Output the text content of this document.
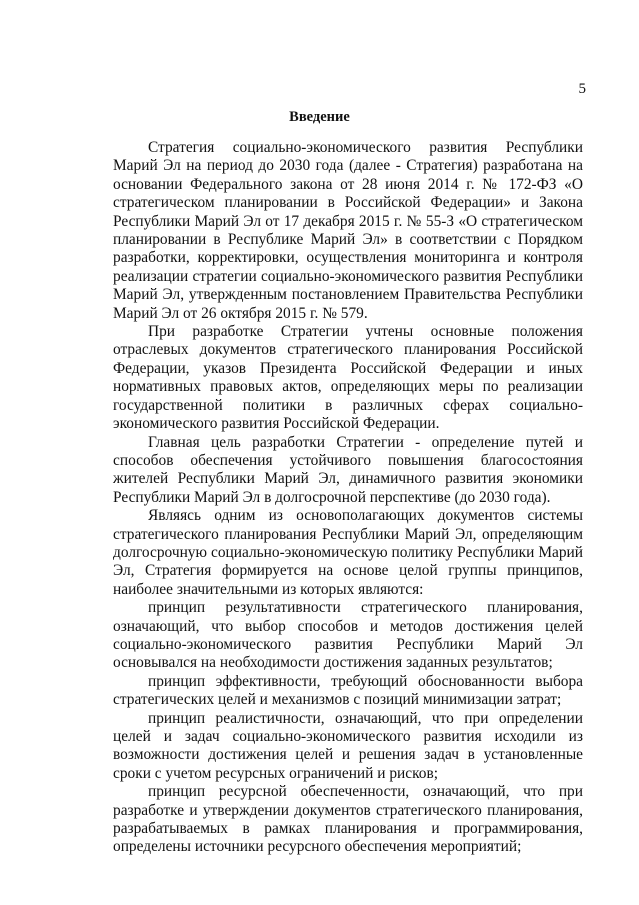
5
Введение

Стратегия социально-экономического развития Республики Марий Эл на период до 2030 года (далее - Стратегия) разработана на основании Федерального закона от 28 июня 2014 г. № 172-ФЗ «О стратегическом планировании в Российской Федерации» и Закона Республики Марий Эл от 17 декабря 2015 г. № 55-З «О стратегическом планировании в Республике Марий Эл» в соответствии с Порядком разработки, корректировки, осуществления мониторинга и контроля реализации стратегии социально-экономического развития Республики Марий Эл, утвержденным постановлением Правительства Республики Марий Эл от 26 октября 2015 г. № 579.

При разработке Стратегии учтены основные положения отраслевых документов стратегического планирования Российской Федерации, указов Президента Российской Федерации и иных нормативных правовых актов, определяющих меры по реализации государственной политики в различных сферах социально-экономического развития Российской Федерации.

Главная цель разработки Стратегии - определение путей и способов обеспечения устойчивого повышения благосостояния жителей Республики Марий Эл, динамичного развития экономики Республики Марий Эл в долгосрочной перспективе (до 2030 года).

Являясь одним из основополагающих документов системы стратегического планирования Республики Марий Эл, определяющим долгосрочную социально-экономическую политику Республики Марий Эл, Стратегия формируется на основе целой группы принципов, наиболее значительными из которых являются:

принцип результативности стратегического планирования, означающий, что выбор способов и методов достижения целей социально-экономического развития Республики Марий Эл основывался на необходимости достижения заданных результатов;

принцип эффективности, требующий обоснованности выбора стратегических целей и механизмов с позиций минимизации затрат;

принцип реалистичности, означающий, что при определении целей и задач социально-экономического развития исходили из возможности достижения целей и решения задач в установленные сроки с учетом ресурсных ограничений и рисков;

принцип ресурсной обеспеченности, означающий, что при разработке и утверждении документов стратегического планирования, разрабатываемых в рамках планирования и программирования, определены источники ресурсного обеспечения мероприятий;
